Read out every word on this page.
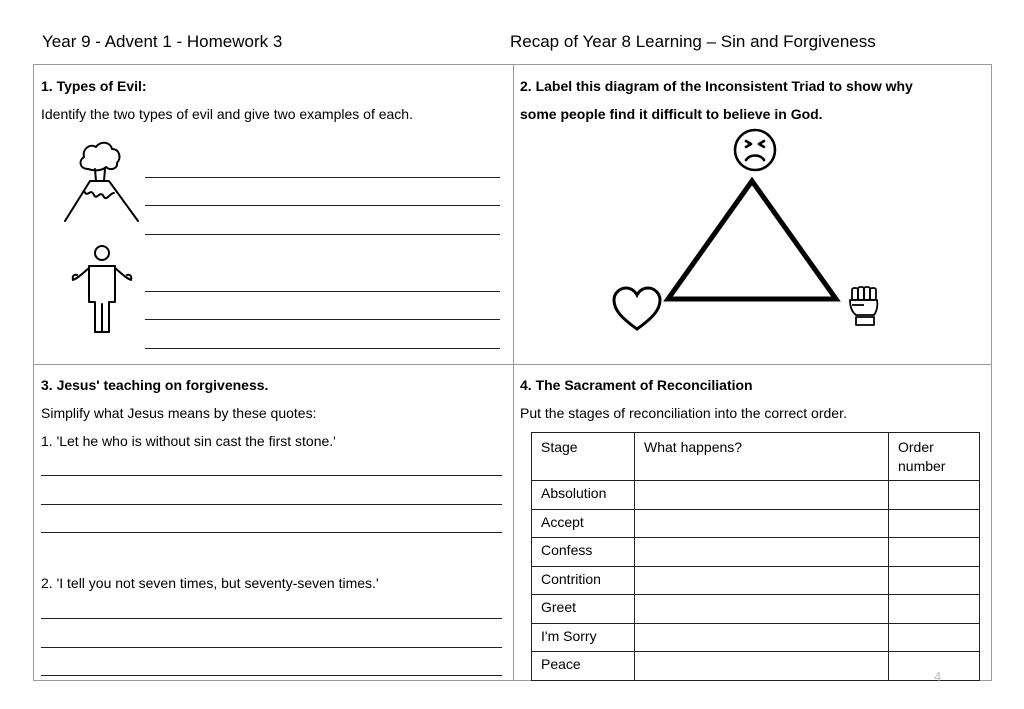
Year 9 - Advent 1 - Homework 3	Recap of Year 8 Learning – Sin and Forgiveness
1. Types of Evil:
Identify the two types of evil and give two examples of each.
2. Label this diagram of the Inconsistent Triad to show why
some people find it difficult to believe in God.
3. Jesus' teaching on forgiveness.
Simplify what Jesus means by these quotes:
1. 'Let he who is without sin cast the first stone.'
2. 'I tell you not seven times, but seventy-seven times.'
4. The Sacrament of Reconciliation
Put the stages of reconciliation into the correct order.
Stage	What happens?	Order number
Absolution		
Accept		
Confess		
Contrition		
Greet		
I'm Sorry		
Peace		
4
